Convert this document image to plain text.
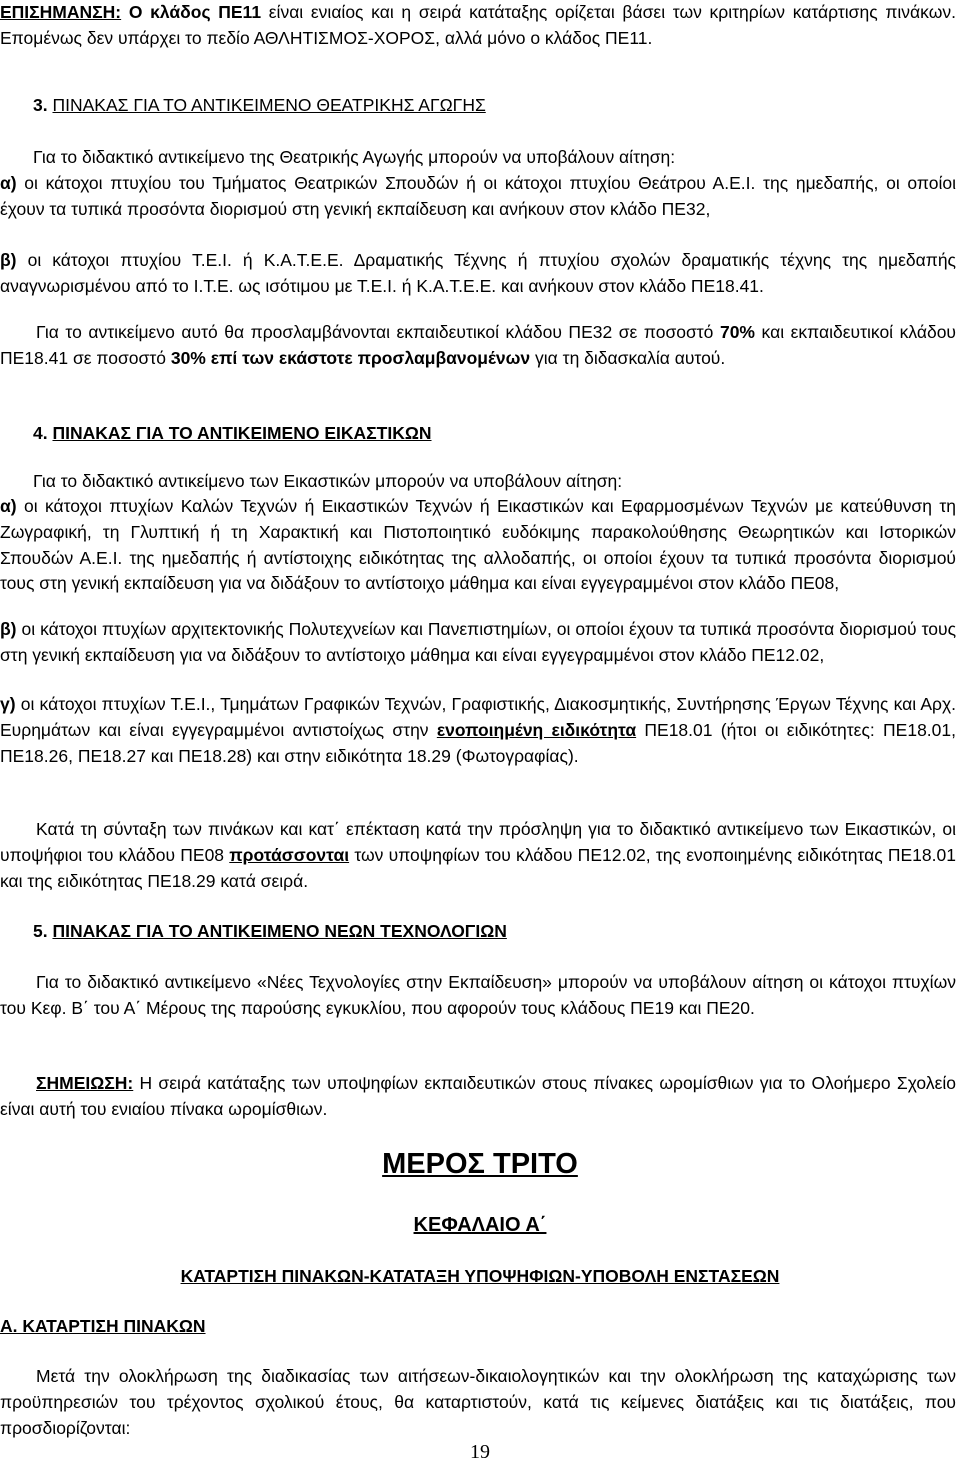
ΕΠΙΣΗΜΑΝΣΗ: Ο κλάδος ΠΕ11 είναι ενιαίος και η σειρά κατάταξης ορίζεται βάσει των κριτηρίων κατάρτισης πινάκων. Επομένως δεν υπάρχει το πεδίο ΑΘΛΗΤΙΣΜΟΣ-ΧΟΡΟΣ, αλλά μόνο ο κλάδος ΠΕ11.
3. ΠΙΝΑΚΑΣ ΓΙΑ ΤΟ ΑΝΤΙΚΕΙΜΕΝΟ ΘΕΑΤΡΙΚΗΣ ΑΓΩΓΗΣ
Για το διδακτικό αντικείμενο της Θεατρικής Αγωγής μπορούν να υποβάλουν αίτηση:
α) οι κάτοχοι πτυχίου του Τμήματος Θεατρικών Σπουδών ή οι κάτοχοι πτυχίου Θεάτρου Α.Ε.Ι. της ημεδαπής, οι οποίοι έχουν τα τυπικά προσόντα διορισμού στη γενική εκπαίδευση και ανήκουν στον κλάδο ΠΕ32,
β) οι κάτοχοι πτυχίου Τ.Ε.Ι. ή Κ.Α.Τ.Ε.Ε. Δραματικής Τέχνης ή πτυχίου σχολών δραματικής τέχνης της ημεδαπής αναγνωρισμένου από το Ι.Τ.Ε. ως ισότιμου με Τ.Ε.Ι. ή Κ.Α.Τ.Ε.Ε. και ανήκουν στον κλάδο ΠΕ18.41.
Για το αντικείμενο αυτό θα προσλαμβάνονται εκπαιδευτικοί κλάδου ΠΕ32 σε ποσοστό 70% και εκπαιδευτικοί κλάδου ΠΕ18.41 σε ποσοστό 30% επί των εκάστοτε προσλαμβανομένων για τη διδασκαλία αυτού.
4. ΠΙΝΑΚΑΣ ΓΙΑ ΤΟ ΑΝΤΙΚΕΙΜΕΝΟ ΕΙΚΑΣΤΙΚΩΝ
Για το διδακτικό αντικείμενο των Εικαστικών μπορούν να υποβάλουν αίτηση:
α) οι κάτοχοι πτυχίων Καλών Τεχνών ή Εικαστικών Τεχνών ή Εικαστικών και Εφαρμοσμένων Τεχνών με κατεύθυνση τη Ζωγραφική, τη Γλυπτική ή τη Χαρακτική και Πιστοποιητικό ευδόκιμης παρακολούθησης Θεωρητικών και Ιστορικών Σπουδών Α.Ε.Ι. της ημεδαπής ή αντίστοιχης ειδικότητας της αλλοδαπής, οι οποίοι έχουν τα τυπικά προσόντα διορισμού τους στη γενική εκπαίδευση για να διδάξουν το αντίστοιχο μάθημα και είναι εγγεγραμμένοι στον κλάδο ΠΕ08,
β) οι κάτοχοι πτυχίων αρχιτεκτονικής Πολυτεχνείων και Πανεπιστημίων, οι οποίοι έχουν τα τυπικά προσόντα διορισμού τους στη γενική εκπαίδευση για να διδάξουν το αντίστοιχο μάθημα και είναι εγγεγραμμένοι στον κλάδο ΠΕ12.02,
γ) οι κάτοχοι πτυχίων Τ.Ε.Ι., Τμημάτων Γραφικών Τεχνών, Γραφιστικής, Διακοσμητικής, Συντήρησης Έργων Τέχνης και Αρχ. Ευρημάτων και είναι εγγεγραμμένοι αντιστοίχως στην ενοποιημένη ειδικότητα ΠΕ18.01 (ήτοι οι ειδικότητες: ΠΕ18.01, ΠΕ18.26, ΠΕ18.27 και ΠΕ18.28) και στην ειδικότητα 18.29 (Φωτογραφίας).
Κατά τη σύνταξη των πινάκων και κατ΄ επέκταση κατά την πρόσληψη για το διδακτικό αντικείμενο των Εικαστικών, οι υποψήφιοι του κλάδου ΠΕ08 προτάσσονται των υποψηφίων του κλάδου ΠΕ12.02, της ενοποιημένης ειδικότητας ΠΕ18.01 και της ειδικότητας ΠΕ18.29 κατά σειρά.
5. ΠΙΝΑΚΑΣ ΓΙΑ ΤΟ ΑΝΤΙΚΕΙΜΕΝΟ ΝΕΩΝ ΤΕΧΝΟΛΟΓΙΩΝ
Για το διδακτικό αντικείμενο «Νέες Τεχνολογίες στην Εκπαίδευση» μπορούν να υποβάλουν αίτηση οι κάτοχοι πτυχίων του Κεφ. Β΄ του Α΄ Μέρους της παρούσης εγκυκλίου, που αφορούν τους κλάδους ΠΕ19 και ΠΕ20.
ΣΗΜΕΙΩΣΗ: Η σειρά κατάταξης των υποψηφίων εκπαιδευτικών στους πίνακες ωρομίσθιων για το Ολοήμερο Σχολείο είναι αυτή του ενιαίου πίνακα ωρομίσθιων.
ΜΕΡΟΣ ΤΡΙΤΟ
ΚΕΦΑΛΑΙΟ Α΄
ΚΑΤΑΡΤΙΣΗ ΠΙΝΑΚΩΝ-ΚΑΤΑΤΑΞΗ ΥΠΟΨΗΦΙΩΝ-ΥΠΟΒΟΛΗ ΕΝΣΤΑΣΕΩΝ
Α. ΚΑΤΑΡΤΙΣΗ ΠΙΝΑΚΩΝ
Μετά την ολοκλήρωση της διαδικασίας των αιτήσεων-δικαιολογητικών και την ολοκλήρωση της καταχώρισης των προϋπηρεσιών του τρέχοντος σχολικού έτους, θα καταρτιστούν, κατά τις κείμενες διατάξεις και τις διατάξεις, που προσδιορίζονται:
19
